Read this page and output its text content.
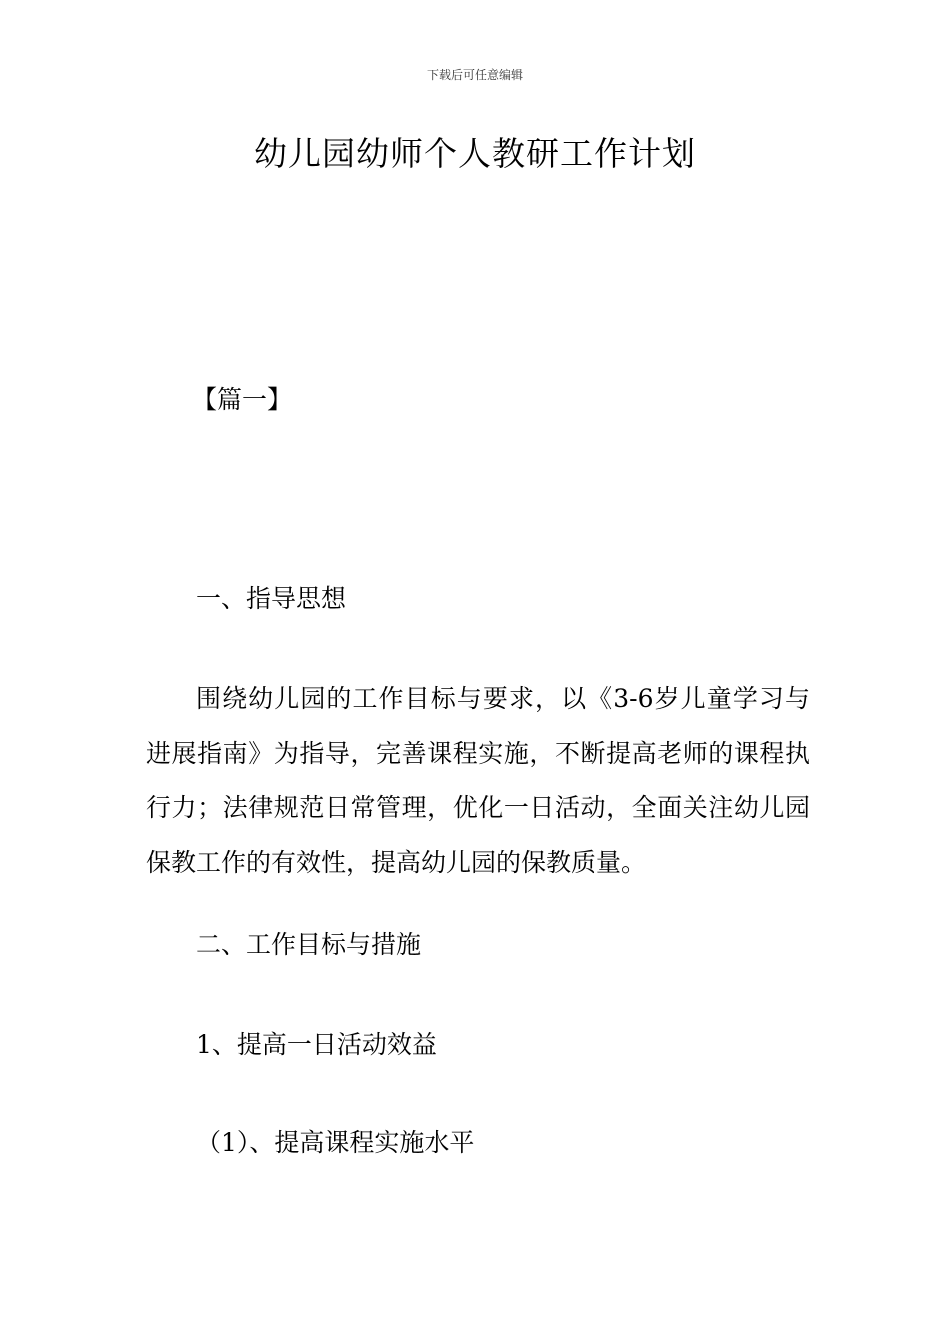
下载后可任意编辑
幼儿园幼师个人教研工作计划
【篇一】
一、指导思想
围绕幼儿园的工作目标与要求，以《3-6岁儿童学习与进展指南》为指导，完善课程实施，不断提高老师的课程执行力；法律规范日常管理，优化一日活动，全面关注幼儿园保教工作的有效性，提高幼儿园的保教质量。
二、工作目标与措施
1、提高一日活动效益
（1）、提高课程实施水平
